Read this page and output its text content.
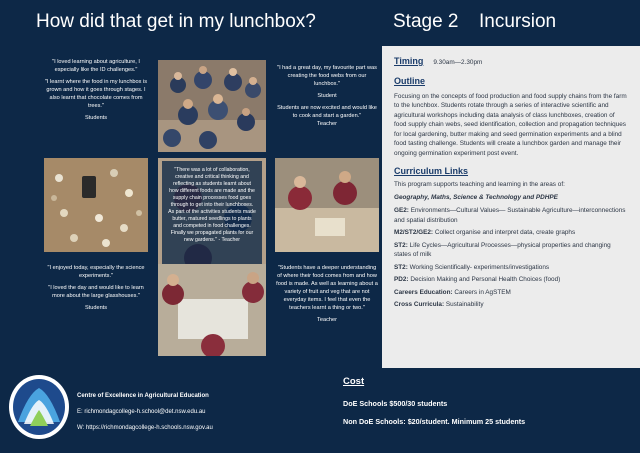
How did that get in my lunchbox?	Stage 2 Incursion

"I loved learning about agriculture, I especially like the ID challenges."

"I learnt where the food in my lunchbox is grown and how it goes through stages. I also learnt that chocolate comes from trees."

Students

"I had a great day, my favourite part was creating the food webs from our lunchbox."

Student

Students are now excited and would like to cook and start a garden."

Teacher

"There was a lot of collaboration, creative and critical thinking and reflecting as students learnt about how different foods are made and the supply chain processes food goes through to get into their lunchboxes. As part of the activities students made butter, matured seedlings to plants and competed in food challenges. Finally we propagated plants for our new gardens." - Teacher

"I enjoyed today, especially the science experiments."

"I loved the day and would like to learn more about the large glasshouses."

Students

"Students have a deeper understanding of where their food comes from and how food is made. As well as learning about a variety of fruit and veg that are not everyday items. I feel that even the teachers learnt a thing or two."

Teacher

Timing 9.30am—2.30pm
Outline

Focusing on the concepts of food production and food supply chains from the farm to the lunchbox. Students rotate through a series of interactive scientific and agricultural workshops including data analysis of class lunchboxes, creation of food supply chain webs, seed identification, collection and propagation techniques for local gardening, butter making and seed germination experiments and a blind food tasting challenge. Students will create a lunchbox garden and manage their ongoing germination experiment post event.

Curriculum Links

This program supports teaching and learning in the areas of:

Geography, Maths, Science & Technology and PDHPE

GE2: Environments—Cultural Values— Sustainable Agriculture—interconnections and spatial distribution
M2/ST2/GE2: Collect organise and interpret data, create graphs
ST2: Life Cycles—Agricultural Processes—physical properties and changing states of milk
ST2: Working Scientifically- experiments/investigations
PD2: Decision Making and Personal Health Choices (food)
Careers Education: Careers in AgSTEM
Cross Curricula: Sustainability
Centre of Excellence in Agricultural Education
E: richmondagcollege-h.school@det.nsw.edu.au
W: https://richmondagcollege-h.schools.nsw.gov.au
Cost
DoE Schools $500/30 students
Non DoE Schools: $20/student. Minimum 25 students
